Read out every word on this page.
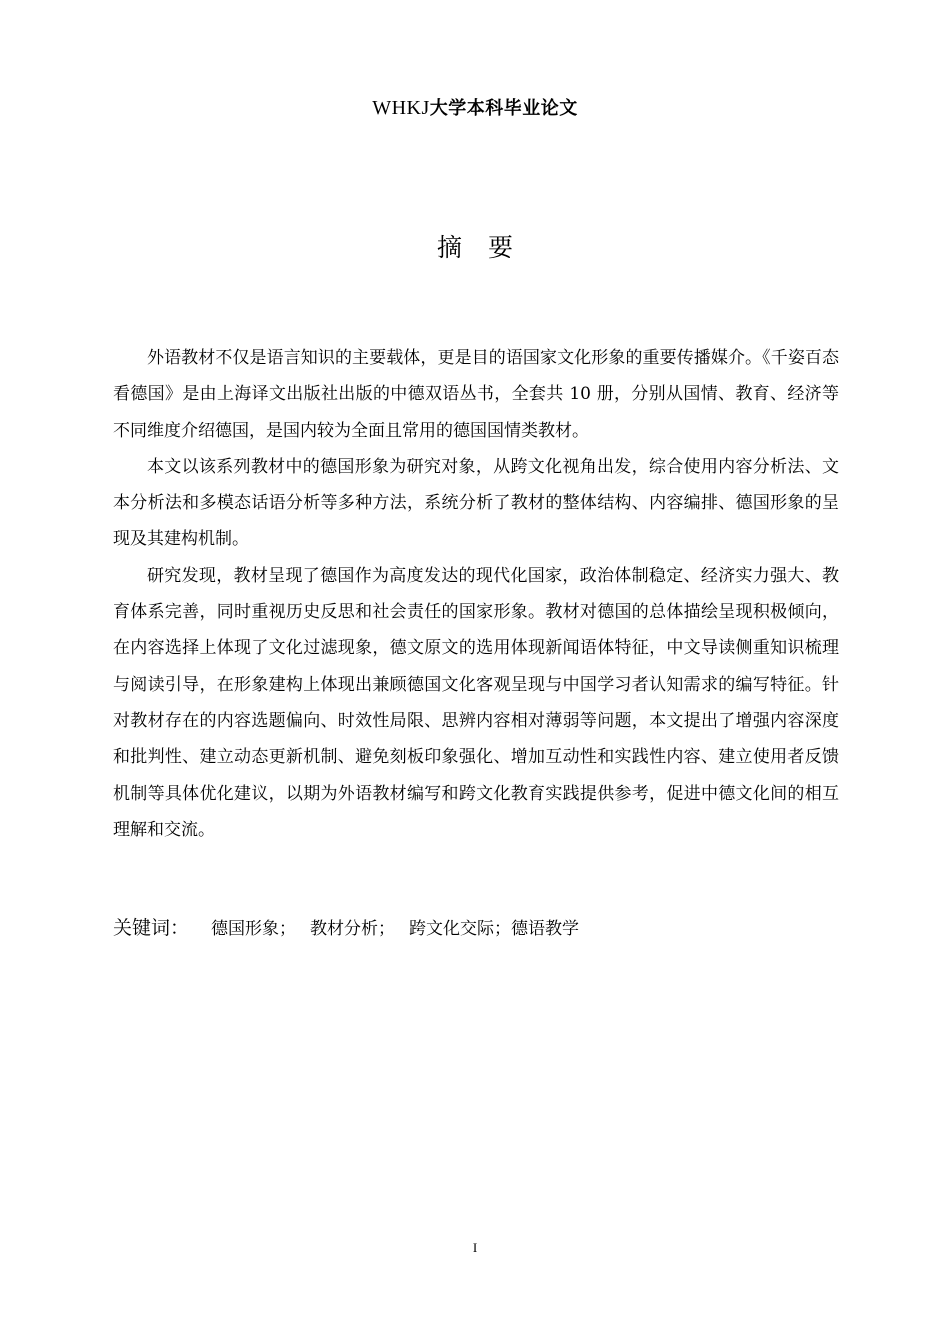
WHKJ大学本科毕业论文
摘要

外语教材不仅是语言知识的主要载体，更是目的语国家文化形象的重要传播媒介。《千姿百态看德国》是由上海译文出版社出版的中德双语丛书，全套共 10 册，分别从国情、教育、经济等不同维度介绍德国，是国内较为全面且常用的德国国情类教材。

本文以该系列教材中的德国形象为研究对象，从跨文化视角出发，综合使用内容分析法、文本分析法和多模态话语分析等多种方法，系统分析了教材的整体结构、内容编排、德国形象的呈现及其建构机制。

研究发现，教材呈现了德国作为高度发达的现代化国家，政治体制稳定、经济实力强大、教育体系完善，同时重视历史反思和社会责任的国家形象。教材对德国的总体描绘呈现积极倾向，在内容选择上体现了文化过滤现象，德文原文的选用体现新闻语体特征，中文导读侧重知识梳理与阅读引导，在形象建构上体现出兼顾德国文化客观呈现与中国学习者认知需求的编写特征。针对教材存在的内容选题偏向、时效性局限、思辨内容相对薄弱等问题，本文提出了增强内容深度和批判性、建立动态更新机制、避免刻板印象强化、增加互动性和实践性内容、建立使用者反馈机制等具体优化建议，以期为外语教材编写和跨文化教育实践提供参考，促进中德文化间的相互理解和交流。

关键词： 德国形象； 教材分析； 跨文化交际；德语教学
I
